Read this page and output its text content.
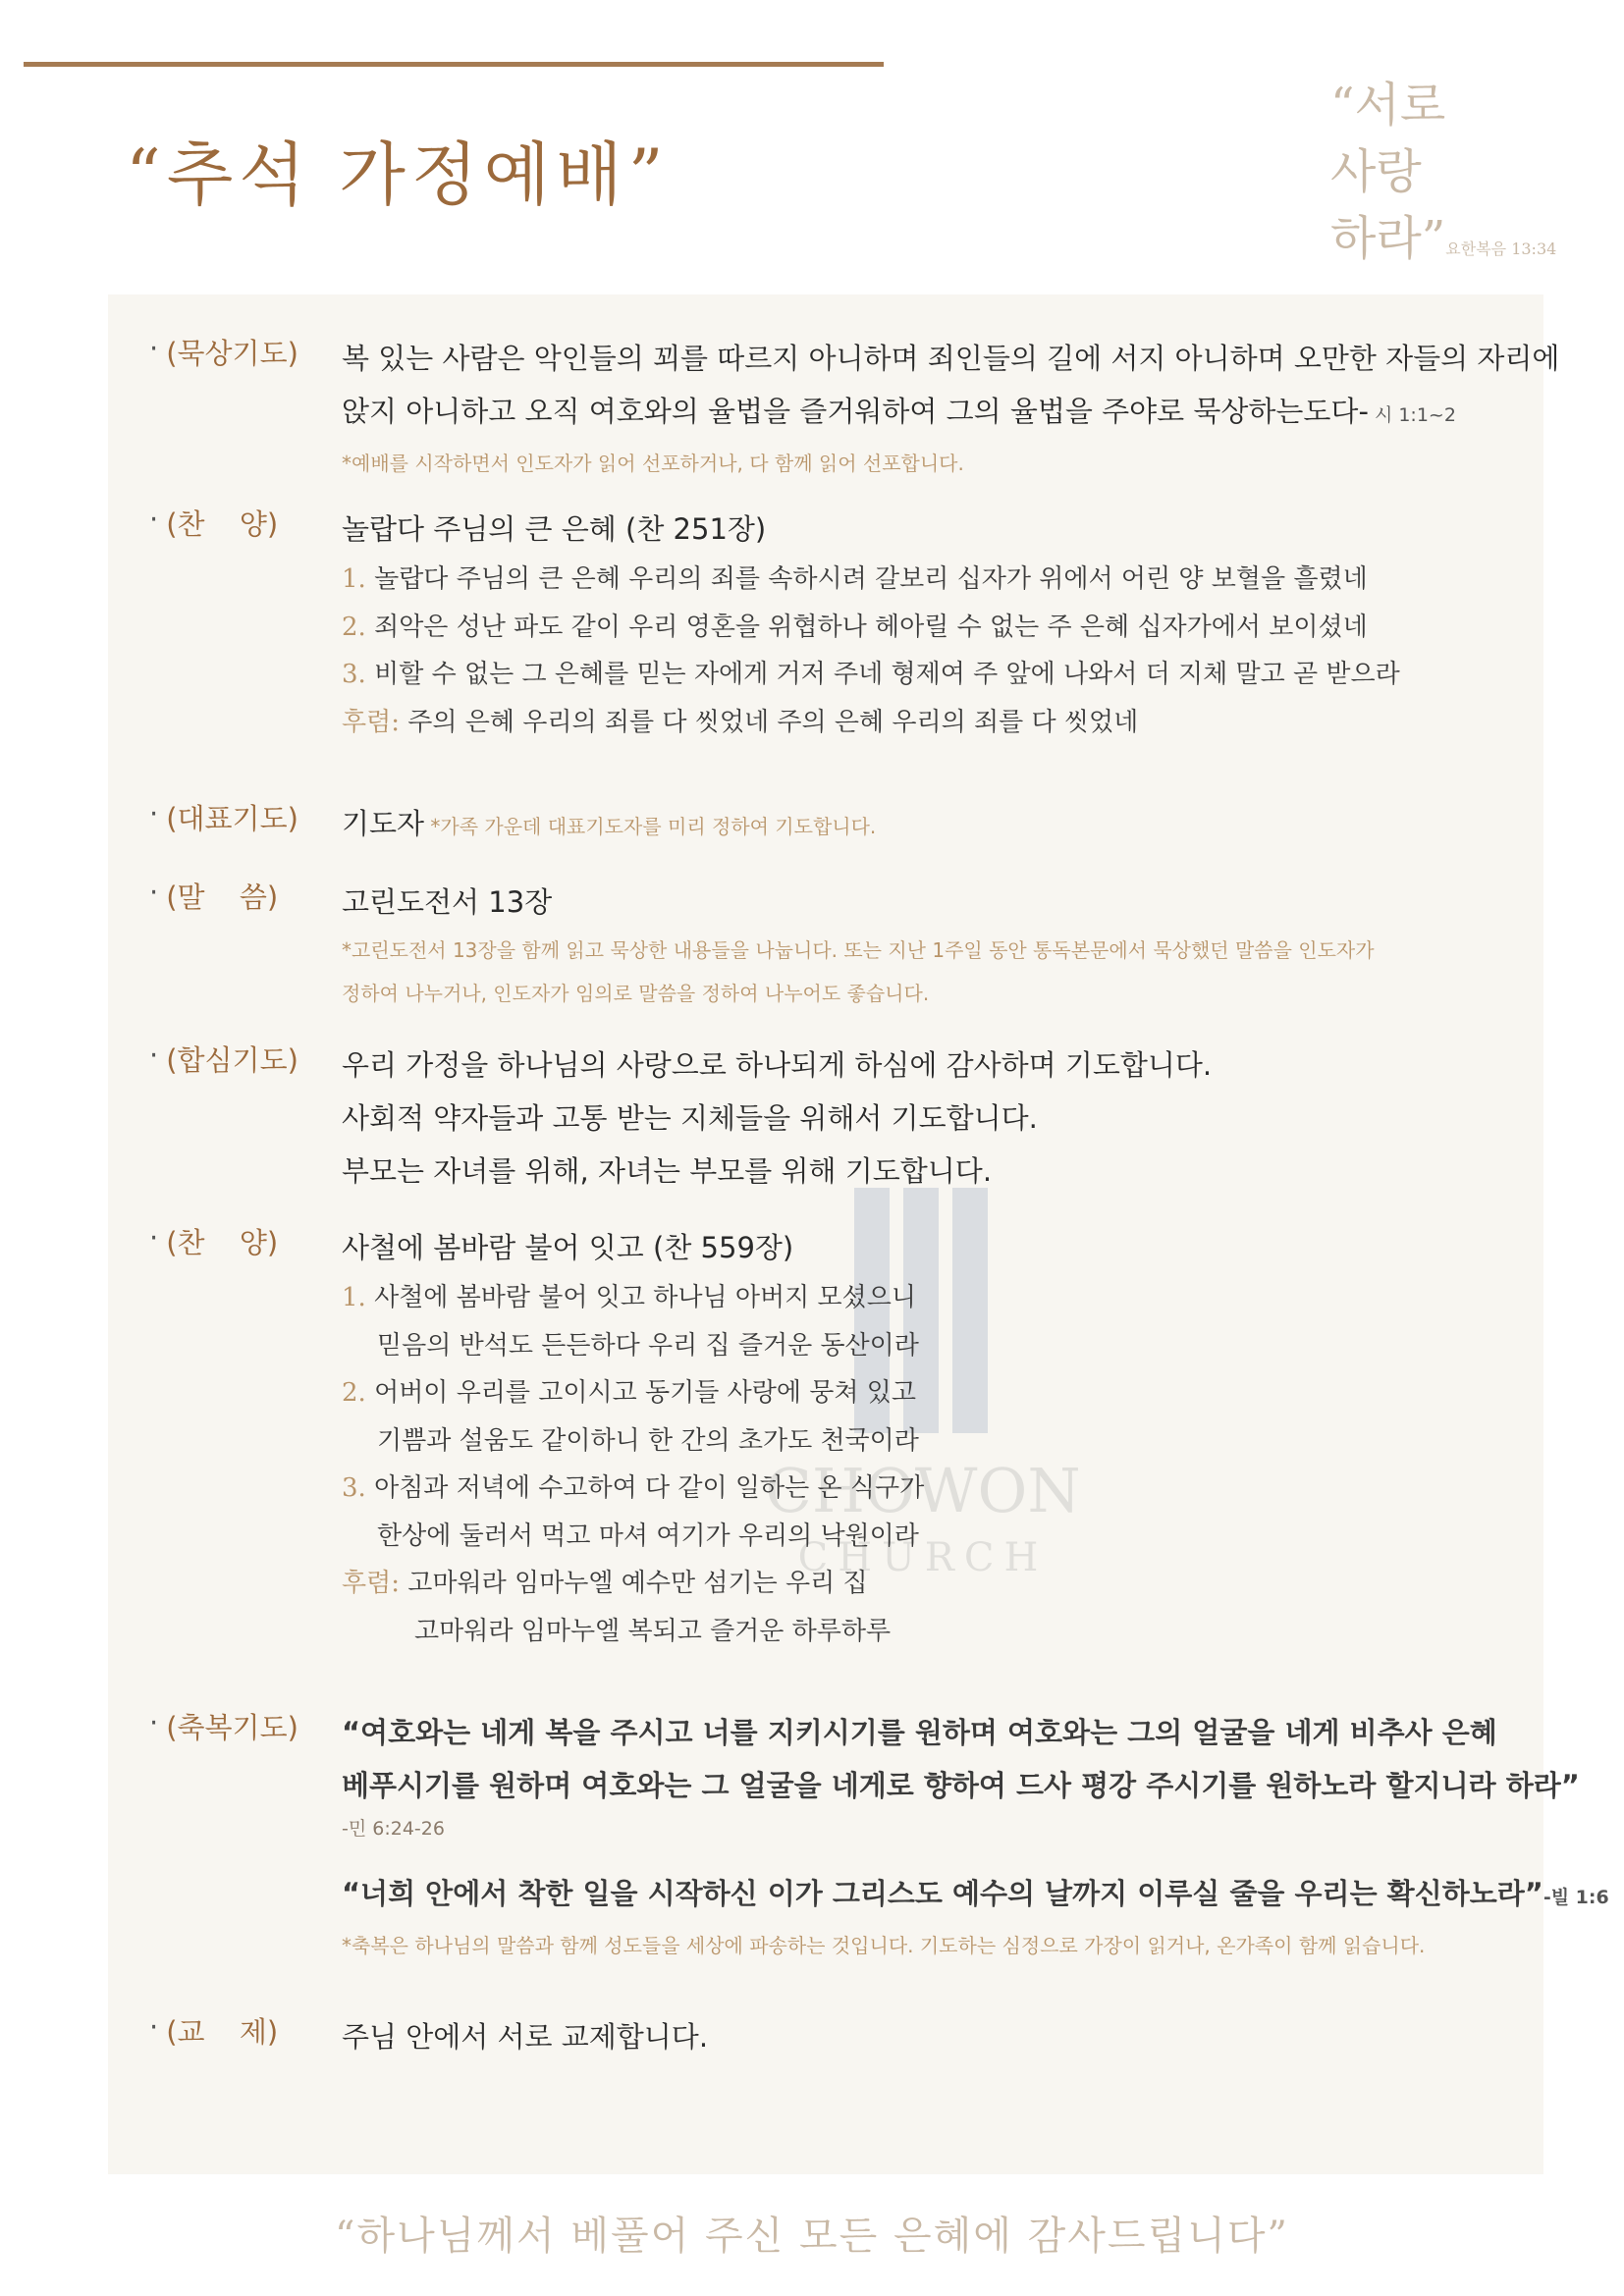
“추석 가정예배”
“서로
사랑
하라”요한복음 13:34
CHOWON
CHURCH
· (묵상기도) 복 있는 사람은 악인들의 꾀를 따르지 아니하며 죄인들의 길에 서지 아니하며 오만한 자들의 자리에
앉지 아니하고 오직 여호와의 율법을 즐거워하여 그의 율법을 주야로 묵상하는도다- 시 1:1~2
*예배를 시작하면서 인도자가 읽어 선포하거나, 다 함께 읽어 선포합니다.
· (찬 양) 놀랍다 주님의 큰 은혜 (찬 251장)
1. 놀랍다 주님의 큰 은혜 우리의 죄를 속하시려 갈보리 십자가 위에서 어린 양 보혈을 흘렸네
2. 죄악은 성난 파도 같이 우리 영혼을 위협하나 헤아릴 수 없는 주 은혜 십자가에서 보이셨네
3. 비할 수 없는 그 은혜를 믿는 자에게 거저 주네 형제여 주 앞에 나와서 더 지체 말고 곧 받으라
후렴: 주의 은혜 우리의 죄를 다 씻었네 주의 은혜 우리의 죄를 다 씻었네
· (대표기도) 기도자 *가족 가운데 대표기도자를 미리 정하여 기도합니다.
· (말 씀) 고린도전서 13장
*고린도전서 13장을 함께 읽고 묵상한 내용들을 나눕니다. 또는 지난 1주일 동안 통독본문에서 묵상했던 말씀을 인도자가
정하여 나누거나, 인도자가 임의로 말씀을 정하여 나누어도 좋습니다.
· (합심기도) 우리 가정을 하나님의 사랑으로 하나되게 하심에 감사하며 기도합니다.
사회적 약자들과 고통 받는 지체들을 위해서 기도합니다.
부모는 자녀를 위해, 자녀는 부모를 위해 기도합니다.
· (찬 양) 사철에 봄바람 불어 잇고 (찬 559장)
1. 사철에 봄바람 불어 잇고 하나님 아버지 모셨으니
믿음의 반석도 든든하다 우리 집 즐거운 동산이라
2. 어버이 우리를 고이시고 동기들 사랑에 뭉쳐 있고
기쁨과 설움도 같이하니 한 간의 초가도 천국이라
3. 아침과 저녁에 수고하여 다 같이 일하는 온 식구가
한상에 둘러서 먹고 마셔 여기가 우리의 낙원이라
후렴: 고마워라 임마누엘 예수만 섬기는 우리 집
고마워라 임마누엘 복되고 즐거운 하루하루
· (축복기도) “여호와는 네게 복을 주시고 너를 지키시기를 원하며 여호와는 그의 얼굴을 네게 비추사 은혜
베푸시기를 원하며 여호와는 그 얼굴을 네게로 향하여 드사 평강 주시기를 원하노라 할지니라 하라”
-민 6:24-26
“너희 안에서 착한 일을 시작하신 이가 그리스도 예수의 날까지 이루실 줄을 우리는 확신하노라”-빌 1:6
*축복은 하나님의 말씀과 함께 성도들을 세상에 파송하는 것입니다. 기도하는 심정으로 가장이 읽거나, 온가족이 함께 읽습니다.
· (교 제) 주님 안에서 서로 교제합니다.
“하나님께서 베풀어 주신 모든 은혜에 감사드립니다”
